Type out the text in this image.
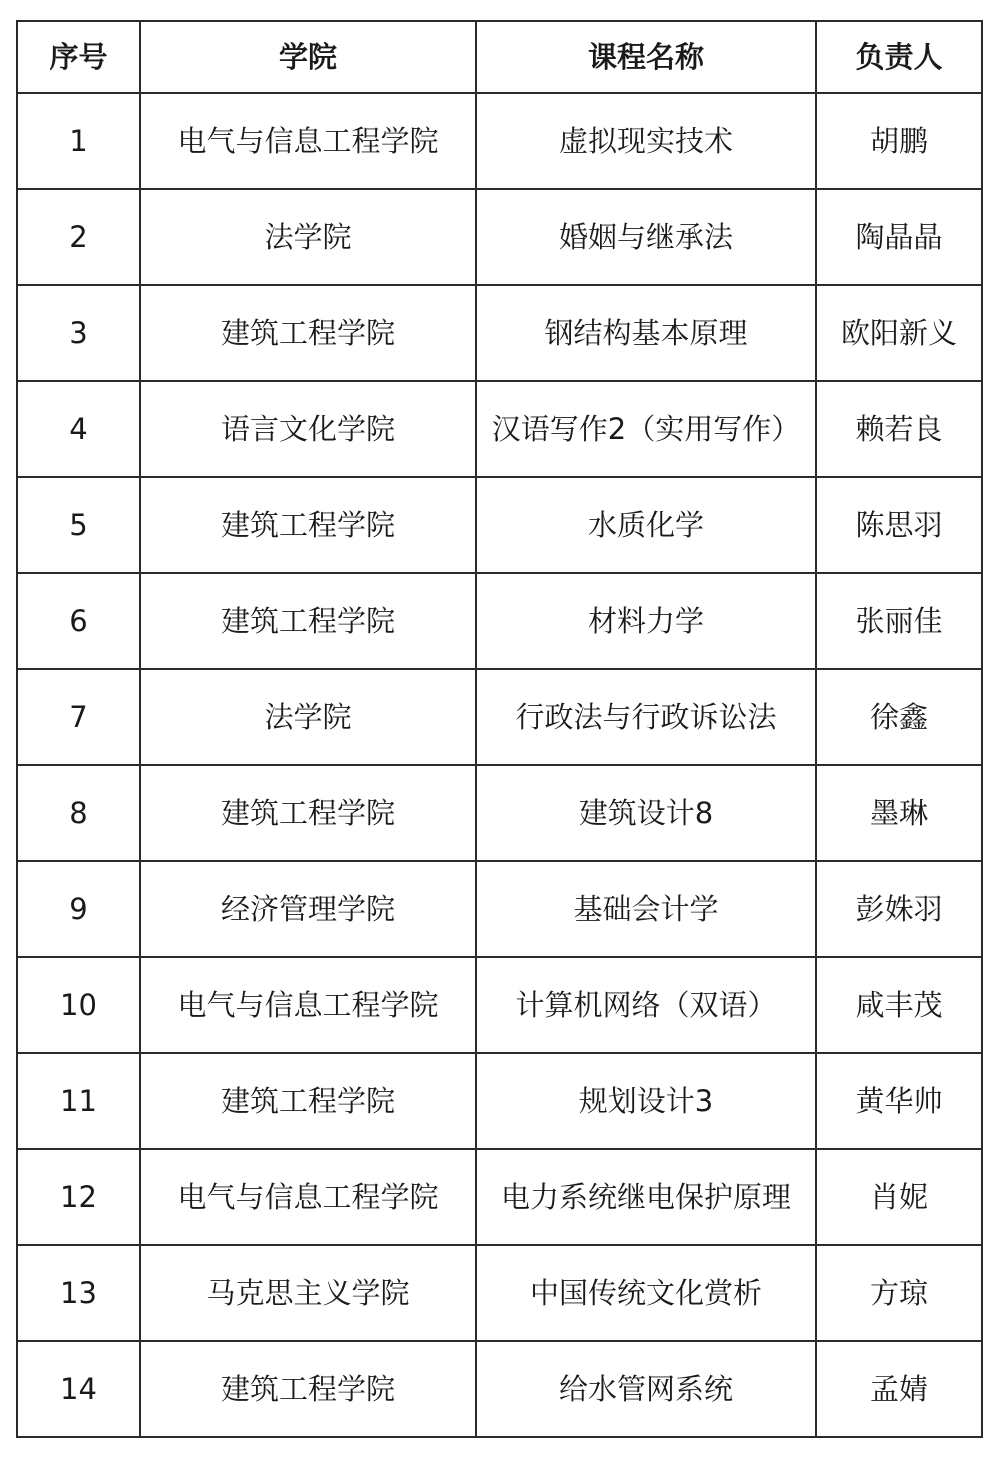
序号	学院	课程名称	负责人
1	电气与信息工程学院	虚拟现实技术	胡鹏
2	法学院	婚姻与继承法	陶晶晶
3	建筑工程学院	钢结构基本原理	欧阳新义
4	语言文化学院	汉语写作2（实用写作）	赖若良
5	建筑工程学院	水质化学	陈思羽
6	建筑工程学院	材料力学	张丽佳
7	法学院	行政法与行政诉讼法	徐鑫
8	建筑工程学院	建筑设计8	墨琳
9	经济管理学院	基础会计学	彭姝羽
10	电气与信息工程学院	计算机网络（双语）	咸丰茂
11	建筑工程学院	规划设计3	黄华帅
12	电气与信息工程学院	电力系统继电保护原理	肖妮
13	马克思主义学院	中国传统文化赏析	方琼
14	建筑工程学院	给水管网系统	孟婧
